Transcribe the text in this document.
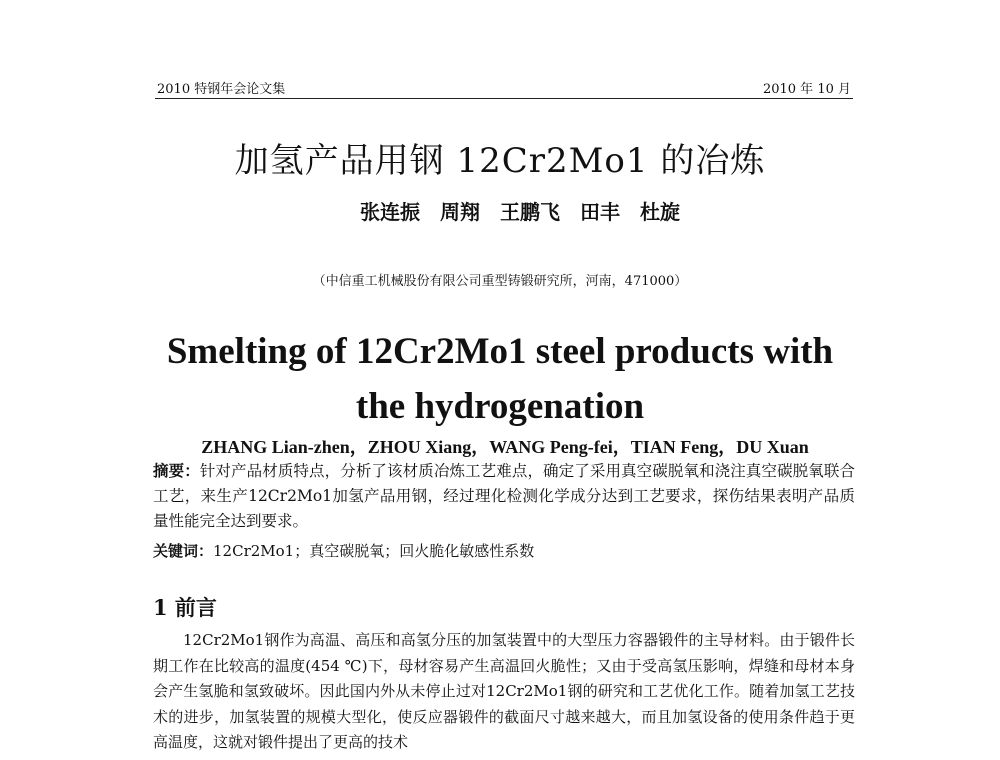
2010 特钢年会论文集	2010 年 10 月
加氢产品用钢 12Cr2Mo1 的冶炼
张连振　周翔　王鹏飞　田丰　杜旋
（中信重工机械股份有限公司重型铸锻研究所，河南，471000）
Smelting of 12Cr2Mo1 steel products with
the hydrogenation
ZHANG Lian-zhen，ZHOU Xiang，WANG Peng-fei，TIAN Feng，DU Xuan
摘要：针对产品材质特点，分析了该材质冶炼工艺难点，确定了采用真空碳脱氧和浇注真空碳脱氧联合工艺，来生产12Cr2Mo1加氢产品用钢，经过理化检测化学成分达到工艺要求，探伤结果表明产品质量性能完全达到要求。
关键词：12Cr2Mo1；真空碳脱氧；回火脆化敏感性系数
1 前言
12Cr2Mo1钢作为高温、高压和高氢分压的加氢装置中的大型压力容器锻件的主导材料。由于锻件长期工作在比较高的温度(454 ℃)下，母材容易产生高温回火脆性；又由于受高氢压影响，焊缝和母材本身会产生氢脆和氢致破坏。因此国内外从未停止过对12Cr2Mo1钢的研究和工艺优化工作。随着加氢工艺技术的进步，加氢装置的规模大型化，使反应器锻件的截面尺寸越来越大，而且加氢设备的使用条件趋于更高温度，这就对锻件提出了更高的技术
